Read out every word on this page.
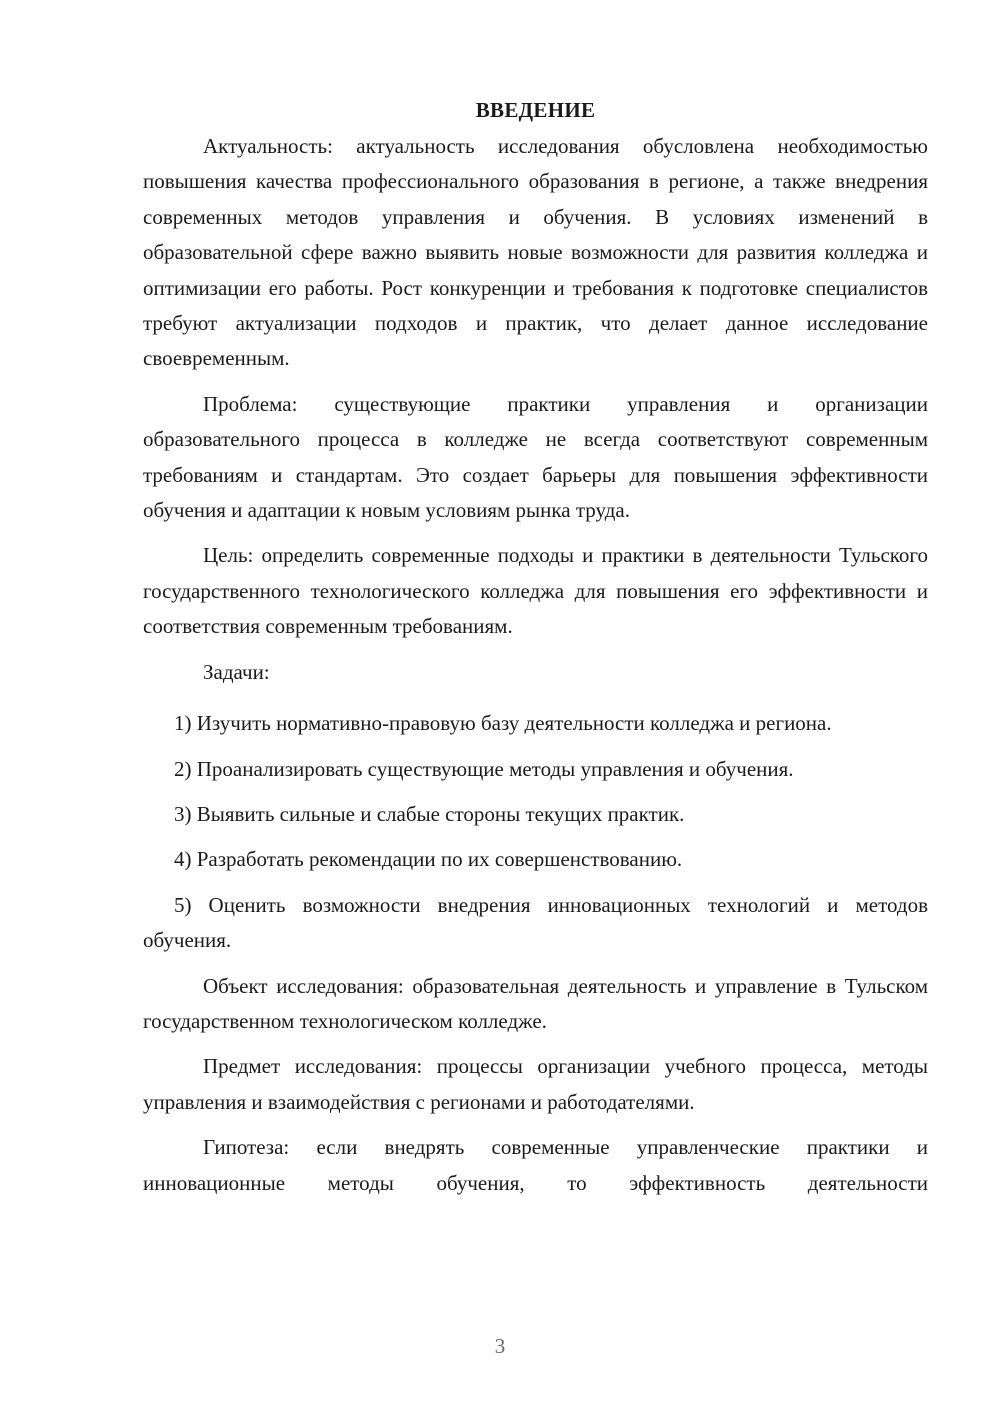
ВВЕДЕНИЕ

Актуальность: актуальность исследования обусловлена необходимостью повышения качества профессионального образования в регионе, а также внедрения современных методов управления и обучения. В условиях изменений в образовательной сфере важно выявить новые возможности для развития колледжа и оптимизации его работы. Рост конкуренции и требования к подготовке специалистов требуют актуализации подходов и практик, что делает данное исследование своевременным.

Проблема: существующие практики управления и организации образовательного процесса в колледже не всегда соответствуют современным требованиям и стандартам. Это создает барьеры для повышения эффективности обучения и адаптации к новым условиям рынка труда.

Цель: определить современные подходы и практики в деятельности Тульского государственного технологического колледжа для повышения его эффективности и соответствия современным требованиям.

Задачи:

1) Изучить нормативно-правовую базу деятельности колледжа и региона.

2) Проанализировать существующие методы управления и обучения.

3) Выявить сильные и слабые стороны текущих практик.

4) Разработать рекомендации по их совершенствованию.

5) Оценить возможности внедрения инновационных технологий и методов обучения.

Объект исследования: образовательная деятельность и управление в Тульском государственном технологическом колледже.

Предмет исследования: процессы организации учебного процесса, методы управления и взаимодействия с регионами и работодателями.

Гипотеза: если внедрять современные управленческие практики и инновационные методы обучения, то эффективность деятельности

3
